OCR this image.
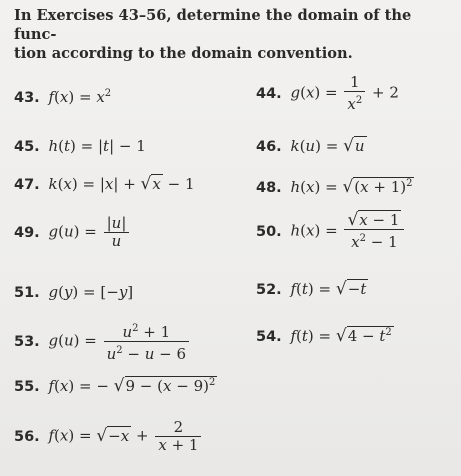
In Exercises 43–56, determine the domain of the func-
tion according to the domain convention.
43. $f(x) = x^2$	44. $g(x) = \frac{1}{x^2} + 2$
45. h(t) = |t| − 1	46. k(u) = √u
47. k(x) = |x| + √x − 1	48. $h(x) = √(x + 1)^2$
49. $g(u) = \frac{|u|}{u}$	50. $h(x) = \frac{√x - 1}{x^2 - 1}$
51. g(y) = [−y]	52. f(t) = √−t
53. $g(u) = \frac{u^2 + 1}{u^2 - u - 6}$	54. $f(t) = √4 - t^2$
55. f(x) = − $√9 - (x - 9)^2$
56. $f(x) = √-x + \frac{2}{x + 1}$
